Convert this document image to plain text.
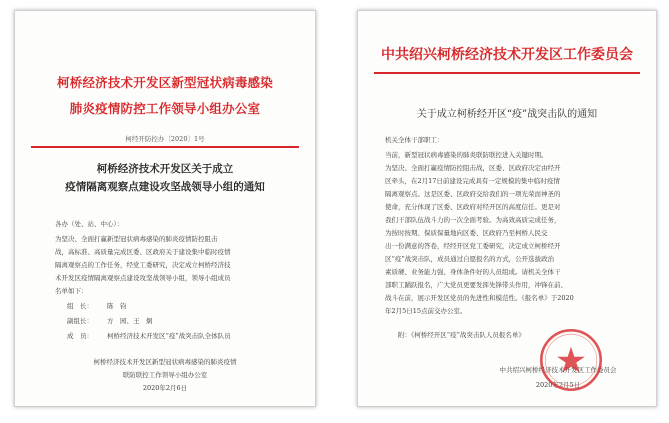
柯桥经济技术开发区新型冠状病毒感染
肺炎疫情防控工作领导小组办公室
柯经开防控办〔2020〕1号
柯桥经济技术开发区关于成立
疫情隔离观察点建设攻坚战领导小组的通知
各办（处、站、中心）：
为坚决、全面打赢新型冠状病毒感染的肺炎疫情防控阻击
战，高标准、高质量完成区委、区政府关于建设集中临时疫情
隔离观察点的工作任务，经党工委研究，决定成立柯桥经济技
术开发区疫情隔离观察点建设攻坚战领导小组，领导小组成员
名单如下：
组　长： 陈　钧
副组长： 方　园、王　炯
成　员： 柯桥经济技术开发区“疫”战突击队全体队员
柯桥经济技术开发区新型冠状病毒感染的肺炎疫情
联防联控工作领导小组办公室
2020年2月6日
中共绍兴柯桥经济技术开发区工作委员会
关于成立柯桥经开区“疫”战突击队的通知
机关全体干部职工：
当前，新型冠状病毒感染的肺炎联防联控进入关键时期。
为坚决、全面打赢疫情防控阻击战，区委、区政府决定由经开
区牵头，在2月17日前建设完成具有一定规模的集中临时疫情
隔离观察点。这是区委、区政府交给我们的一项光荣而神圣的
使命，充分体现了区委、区政府对经开区的高度信任。更是对
我们干部队伍战斗力的一次全面考验。为高效高质完成任务，
为按时按期、保质保量地向区委、区政府乃至柯桥人民交
出一份满意的答卷，经经开区党工委研究，决定成立柯桥经开
区“疫”战突击队，成员通过自愿报名的方式，公开选拔政治
素质硬、业务能力强、身体条件好的人员组成。请机关全体干
部职工踊跃报名，广大党员更要发挥先锋带头作用，冲锋在前、
战斗在前，展示开发区党员的先进性和模范性。《报名单》于2020
年2月5日15点前交办公室。
附：《柯桥经开区“疫”战突击队人员报名单》
中共绍兴柯桥经济技术开发区工作委员会
2020年2月5日
